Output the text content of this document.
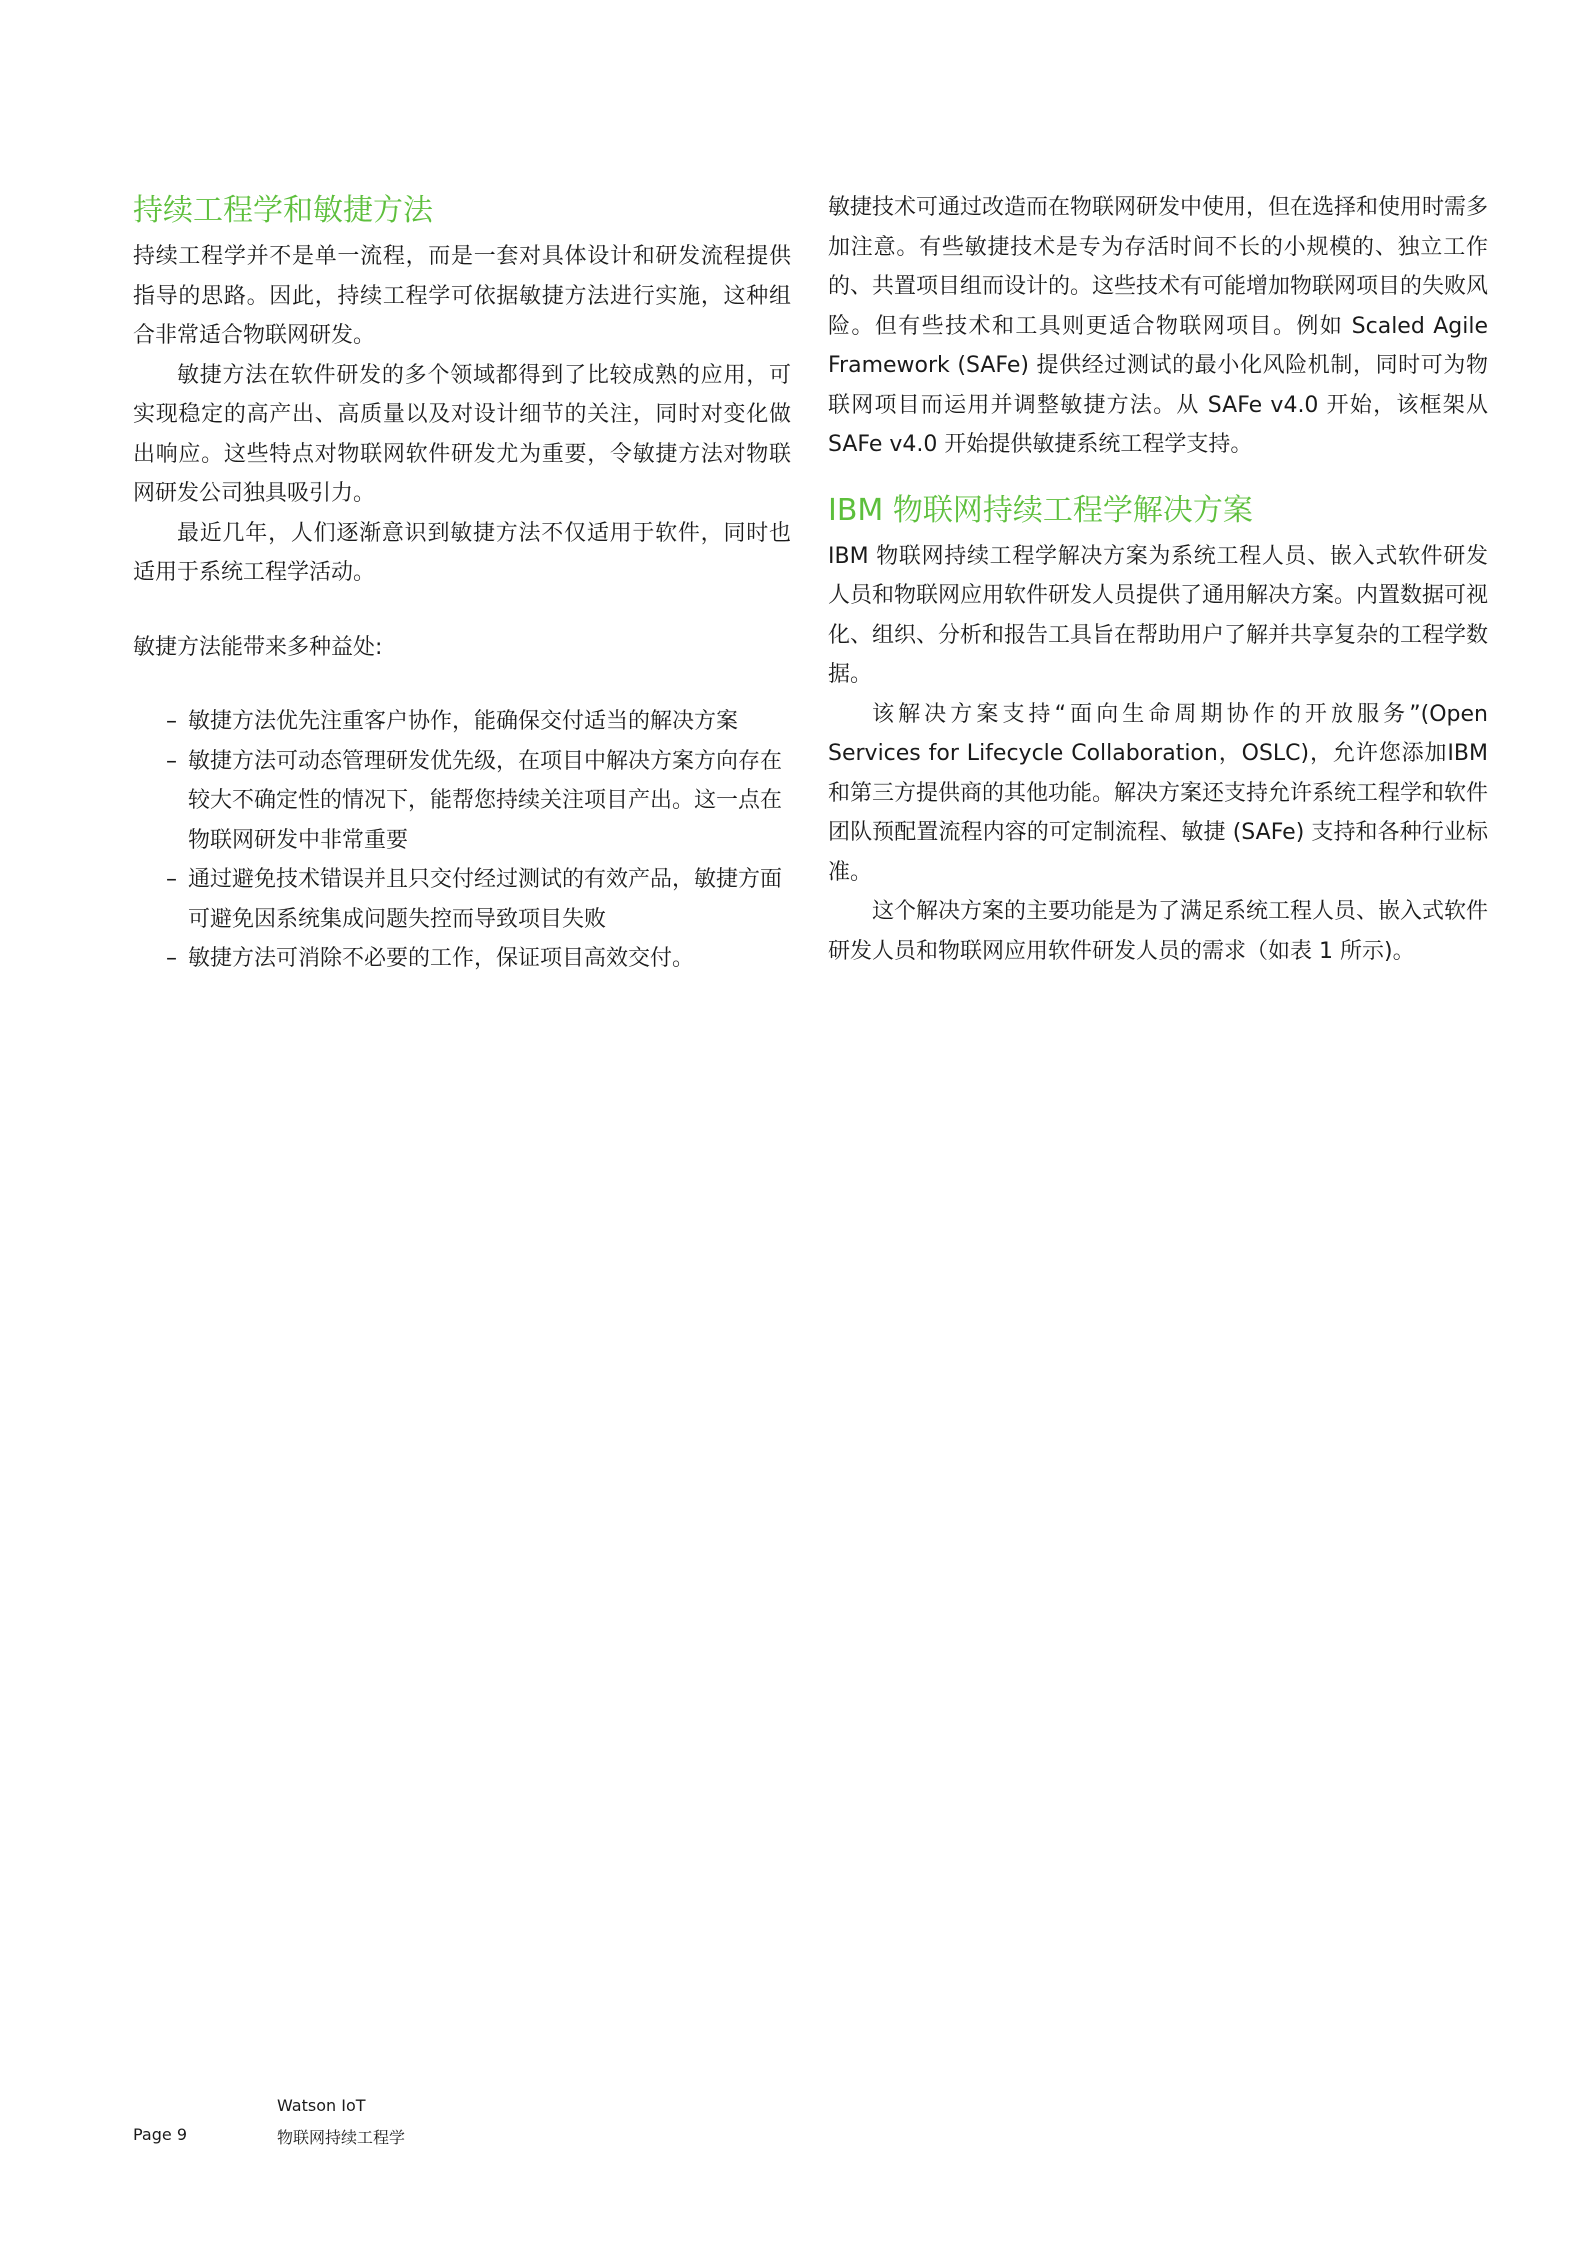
持续工程学和敏捷方法

持续工程学并不是单一流程，而是一套对具体设计和研发流程提供指导的思路。因此，持续工程学可依据敏捷方法进行实施，这种组合非常适合物联网研发。

敏捷方法在软件研发的多个领域都得到了比较成熟的应用，可实现稳定的高产出、高质量以及对设计细节的关注，同时对变化做出响应。这些特点对物联网软件研发尤为重要，令敏捷方法对物联网研发公司独具吸引力。

最近几年，人们逐渐意识到敏捷方法不仅适用于软件，同时也适用于系统工程学活动。

敏捷方法能带来多种益处:

– 敏捷方法优先注重客户协作，能确保交付适当的解决方案
– 敏捷方法可动态管理研发优先级，在项目中解决方案方向存在较大不确定性的情况下，能帮您持续关注项目产出。这一点在物联网研发中非常重要
– 通过避免技术错误并且只交付经过测试的有效产品，敏捷方面可避免因系统集成问题失控而导致项目失败
– 敏捷方法可消除不必要的工作，保证项目高效交付。

敏捷技术可通过改造而在物联网研发中使用，但在选择和使用时需多加注意。有些敏捷技术是专为存活时间不长的小规模的、独立工作的、共置项目组而设计的。这些技术有可能增加物联网项目的失败风险。但有些技术和工具则更适合物联网项目。例如 Scaled Agile Framework (SAFe) 提供经过测试的最小化风险机制，同时可为物联网项目而运用并调整敏捷方法。从 SAFe v4.0 开始，该框架从 SAFe v4.0 开始提供敏捷系统工程学支持。

IBM 物联网持续工程学解决方案

IBM 物联网持续工程学解决方案为系统工程人员、嵌入式软件研发人员和物联网应用软件研发人员提供了通用解决方案。内置数据可视化、组织、分析和报告工具旨在帮助用户了解并共享复杂的工程学数据。

该解决方案支持“面向生命周期协作的开放服务”(Open Services for Lifecycle Collaboration，OSLC)，允许您添加IBM和第三方提供商的其他功能。解决方案还支持允许系统工程学和软件团队预配置流程内容的可定制流程、敏捷 (SAFe) 支持和各种行业标准。

这个解决方案的主要功能是为了满足系统工程人员、嵌入式软件研发人员和物联网应用软件研发人员的需求（如表 1 所示)。

Page 9
Watson IoT
物联网持续工程学
